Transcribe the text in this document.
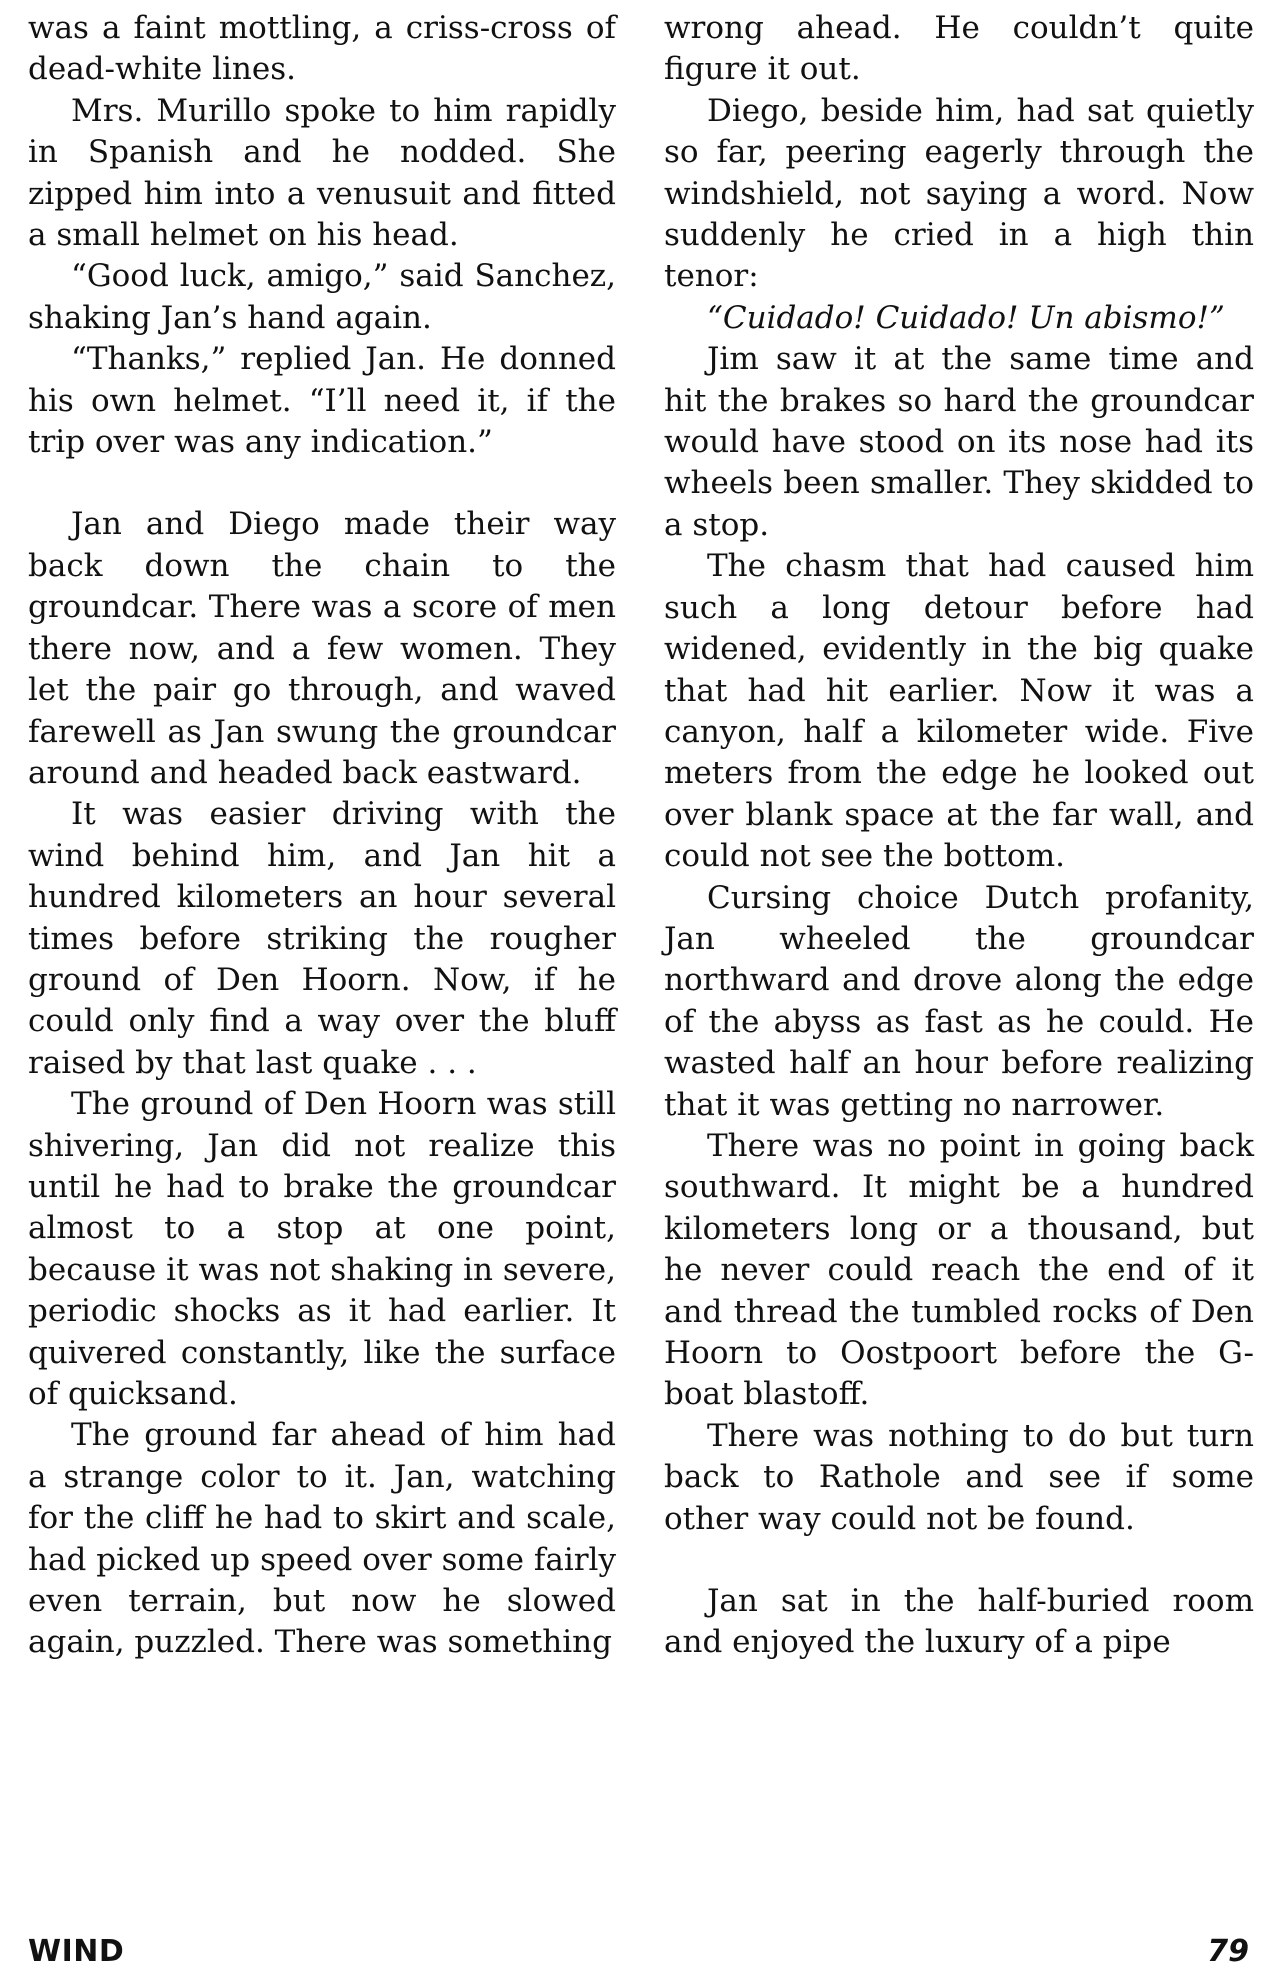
was a faint mottling, a criss-cross of dead-white lines.

Mrs. Murillo spoke to him rapidly in Spanish and he nodded. She zipped him into a venusuit and fitted a small helmet on his head.

“Good luck, amigo,” said Sanchez, shaking Jan’s hand again.

“Thanks,” replied Jan. He donned his own helmet. “I’ll need it, if the trip over was any indication.”

Jan and Diego made their way back down the chain to the groundcar. There was a score of men there now, and a few women. They let the pair go through, and waved farewell as Jan swung the groundcar around and headed back eastward.

It was easier driving with the wind behind him, and Jan hit a hundred kilometers an hour several times before striking the rougher ground of Den Hoorn. Now, if he could only find a way over the bluff raised by that last quake . . .

The ground of Den Hoorn was still shivering, Jan did not realize this until he had to brake the groundcar almost to a stop at one point, because it was not shaking in severe, periodic shocks as it had earlier. It quivered constantly, like the surface of quicksand.

The ground far ahead of him had a strange color to it. Jan, watching for the cliff he had to skirt and scale, had picked up speed over some fairly even terrain, but now he slowed again, puzzled. There was something

wrong ahead. He couldn’t quite figure it out.

Diego, beside him, had sat quietly so far, peering eagerly through the windshield, not saying a word. Now suddenly he cried in a high thin tenor:

“Cuidado! Cuidado! Un abismo!”

Jim saw it at the same time and hit the brakes so hard the groundcar would have stood on its nose had its wheels been smaller. They skidded to a stop.

The chasm that had caused him such a long detour before had widened, evidently in the big quake that had hit earlier. Now it was a canyon, half a kilometer wide. Five meters from the edge he looked out over blank space at the far wall, and could not see the bottom.

Cursing choice Dutch profanity, Jan wheeled the groundcar northward and drove along the edge of the abyss as fast as he could. He wasted half an hour before realizing that it was getting no narrower.

There was no point in going back southward. It might be a hundred kilometers long or a thousand, but he never could reach the end of it and thread the tumbled rocks of Den Hoorn to Oostpoort before the G-boat blastoff.

There was nothing to do but turn back to Rathole and see if some other way could not be found.

Jan sat in the half-buried room and enjoyed the luxury of a pipe

WIND	79
